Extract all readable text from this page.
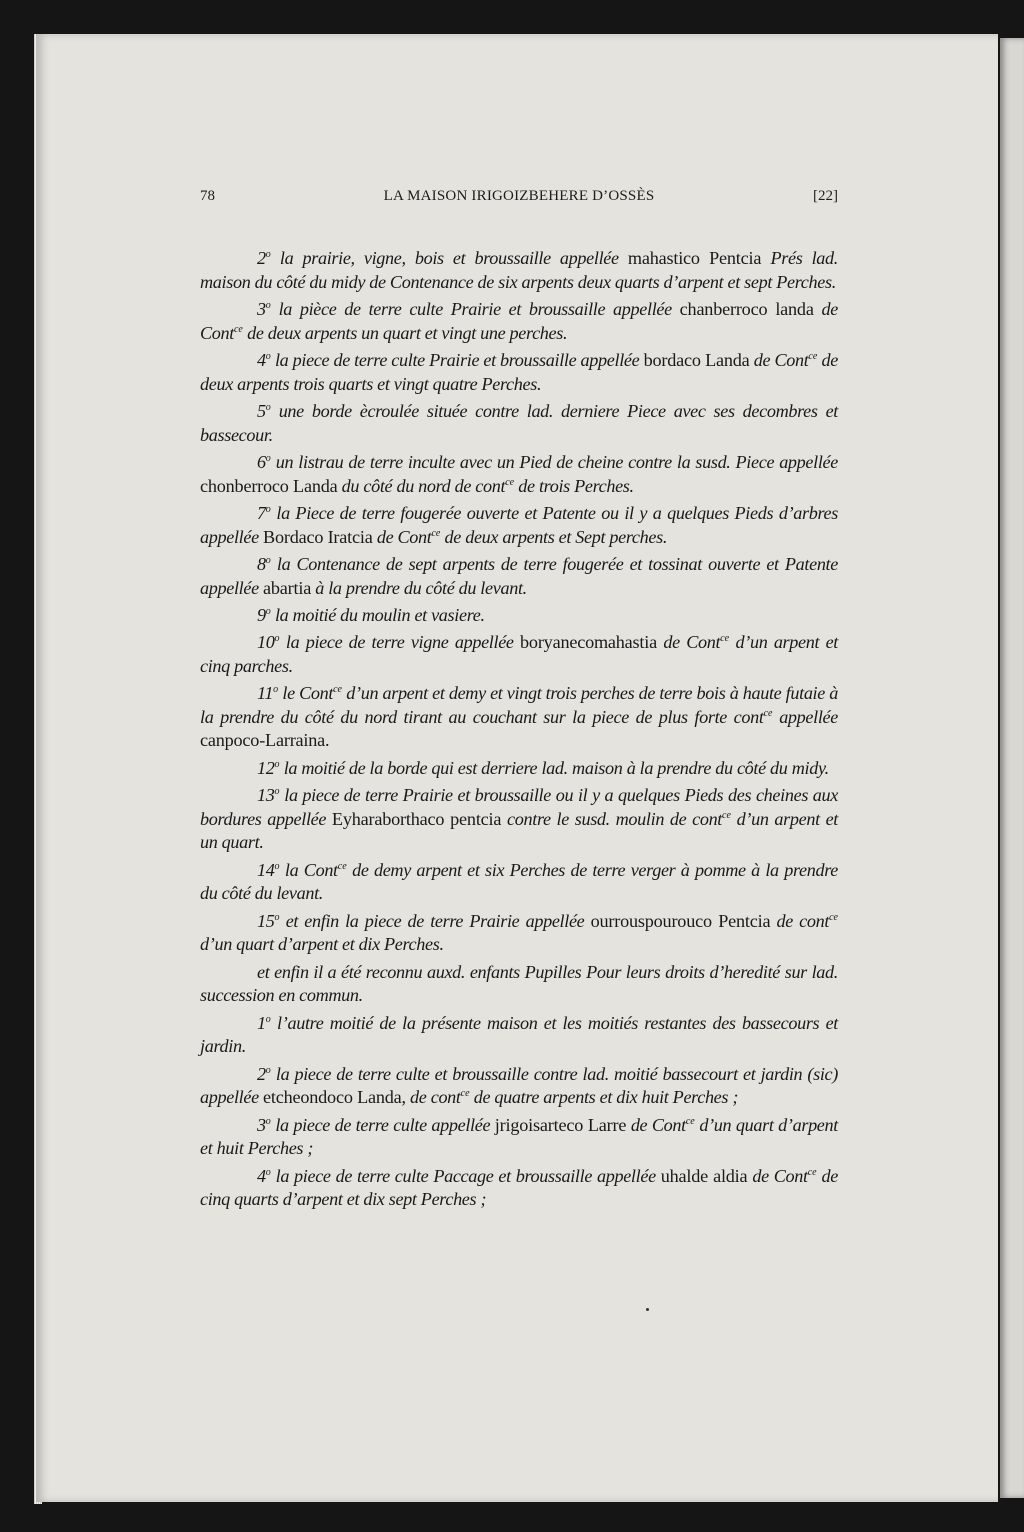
78	LA MAISON IRIGOIZBEHERE D’OSSÈS	[22]

2$^o$ la prairie, vigne, bois et broussaille appellée mahastico Pentcia Prés lad. maison du côté du midy de Contenance de six arpents deux quarts d’arpent et sept Perches.

3$^o$ la pièce de terre culte Prairie et broussaille appellée chanberroco landa de Cont$^{ce}$ de deux arpents un quart et vingt une perches.

4$^o$ la piece de terre culte Prairie et broussaille appellée bordaco Landa de Cont$^{ce}$ de deux arpents trois quarts et vingt quatre Perches.

5$^o$ une borde ècroulée située contre lad. derniere Piece avec ses decombres et bassecour.

6$^o$ un listrau de terre inculte avec un Pied de cheine contre la susd. Piece appellée chonberroco Landa du côté du nord de cont$^{ce}$ de trois Perches.

7$^o$ la Piece de terre fougerée ouverte et Patente ou il y a quelques Pieds d’arbres appellée Bordaco Iratcia de Cont$^{ce}$ de deux arpents et Sept perches.

8$^o$ la Contenance de sept arpents de terre fougerée et tossinat ouverte et Patente appellée abartia à la prendre du côté du levant.

9$^o$ la moitié du moulin et vasiere.

10$^o$ la piece de terre vigne appellée boryanecomahastia de Cont$^{ce}$ d’un arpent et cinq parches.

11$^o$ le Cont$^{ce}$ d’un arpent et demy et vingt trois perches de terre bois à haute futaie à la prendre du côté du nord tirant au couchant sur la piece de plus forte cont$^{ce}$ appellée canpoco-Larraina.

12$^o$ la moitié de la borde qui est derriere lad. maison à la prendre du côté du midy.

13$^o$ la piece de terre Prairie et broussaille ou il y a quelques Pieds des cheines aux bordures appellée Eyharaborthaco pentcia contre le susd. moulin de cont$^{ce}$ d’un arpent et un quart.

14$^o$ la Cont$^{ce}$ de demy arpent et six Perches de terre verger à pomme à la prendre du côté du levant.

15$^o$ et enfin la piece de terre Prairie appellée ourrouspourouco Pentcia de cont$^{ce}$ d’un quart d’arpent et dix Perches.

et enfin il a été reconnu auxd. enfants Pupilles Pour leurs droits d’heredité sur lad. succession en commun.

1$^o$ l’autre moitié de la présente maison et les moitiés restantes des bassecours et jardin.

2$^o$ la piece de terre culte et broussaille contre lad. moitié bassecourt et jardin (sic) appellée etcheondoco Landa, de cont$^{ce}$ de quatre arpents et dix huit Perches ;

3$^o$ la piece de terre culte appellée jrigoisarteco Larre de Cont$^{ce}$ d’un quart d’arpent et huit Perches ;

4$^o$ la piece de terre culte Paccage et broussaille appellée uhalde aldia de Cont$^{ce}$ de cinq quarts d’arpent et dix sept Perches ;
